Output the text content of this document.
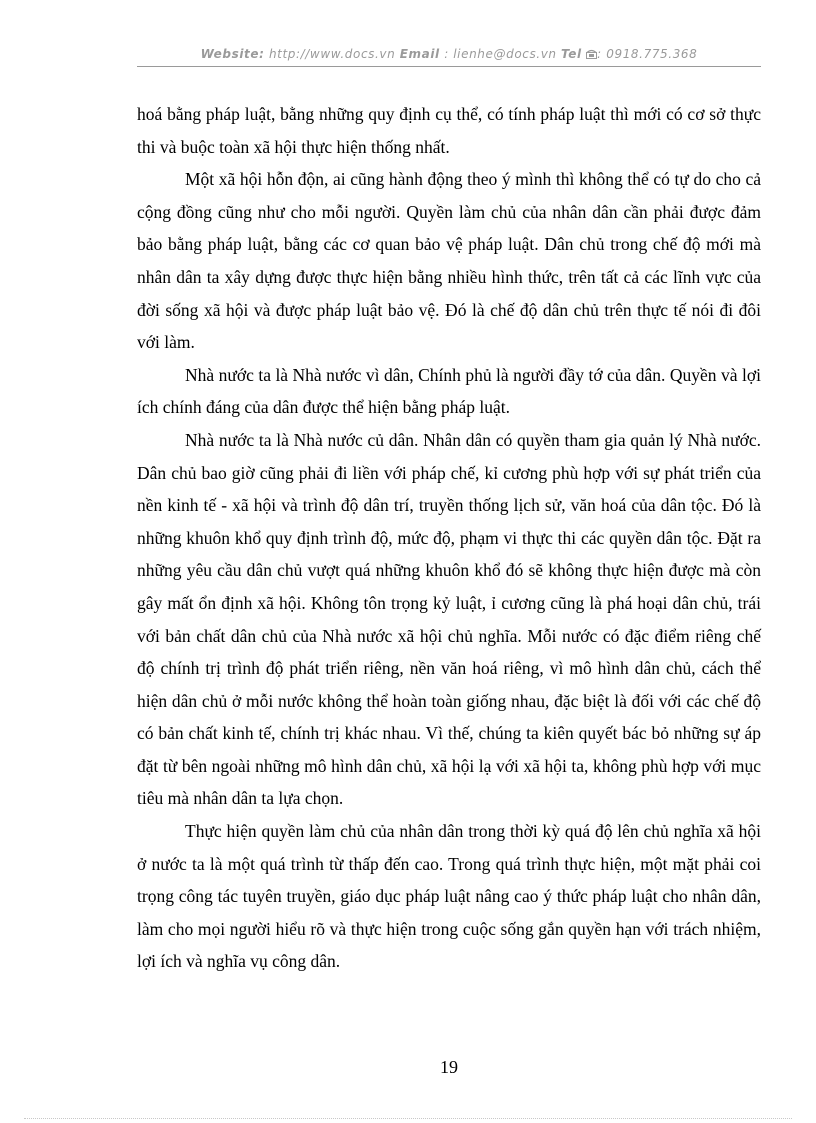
Website: http://www.docs.vn Email : lienhe@docs.vn Tel : 0918.775.368

hoá bằng pháp luật, bằng những quy định cụ thể, có tính pháp luật thì mới có cơ sở thực thi và buộc toàn xã hội thực hiện thống nhất.

Một xã hội hỗn độn, ai cũng hành động theo ý mình thì không thể có tự do cho cả cộng đồng cũng như cho mỗi người. Quyền làm chủ của nhân dân cần phải được đảm bảo bằng pháp luật, bằng các cơ quan bảo vệ pháp luật. Dân chủ trong chế độ mới mà nhân dân ta xây dựng được thực hiện bằng nhiều hình thức, trên tất cả các lĩnh vực của đời sống xã hội và được pháp luật bảo vệ. Đó là chế độ dân chủ trên thực tế nói đi đôi với làm.

Nhà nước ta là Nhà nước vì dân, Chính phủ là người đầy tớ của dân. Quyền và lợi ích chính đáng của dân được thể hiện bằng pháp luật.

Nhà nước ta là Nhà nước củ dân. Nhân dân có quyền tham gia quản lý Nhà nước. Dân chủ bao giờ cũng phải đi liền với pháp chế, kỉ cương phù hợp với sự phát triển của nền kinh tế - xã hội và trình độ dân trí, truyền thống lịch sử, văn hoá của dân tộc. Đó là những khuôn khổ quy định trình độ, mức độ, phạm vi thực thi các quyền dân tộc. Đặt ra những yêu cầu dân chủ vượt quá những khuôn khổ đó sẽ không thực hiện được mà còn gây mất ổn định xã hội. Không tôn trọng kỷ luật, ỉ cương cũng là phá hoại dân chủ, trái với bản chất dân chủ của Nhà nước xã hội chủ nghĩa. Mỗi nước có đặc điểm riêng chế độ chính trị trình độ phát triển riêng, nền văn hoá riêng, vì mô hình dân chủ, cách thể hiện dân chủ ở mỗi nước không thể hoàn toàn giống nhau, đặc biệt là đối với các chế độ có bản chất kinh tế, chính trị khác nhau. Vì thế, chúng ta kiên quyết bác bỏ những sự áp đặt từ bên ngoài những mô hình dân chủ, xã hội lạ với xã hội ta, không phù hợp với mục tiêu mà nhân dân ta lựa chọn.

Thực hiện quyền làm chủ của nhân dân trong thời kỳ quá độ lên chủ nghĩa xã hội ở nước ta là một quá trình từ thấp đến cao. Trong quá trình thực hiện, một mặt phải coi trọng công tác tuyên truyền, giáo dục pháp luật nâng cao ý thức pháp luật cho nhân dân, làm cho mọi người hiểu rõ và thực hiện trong cuộc sống gắn quyền hạn với trách nhiệm, lợi ích và nghĩa vụ công dân.

19
